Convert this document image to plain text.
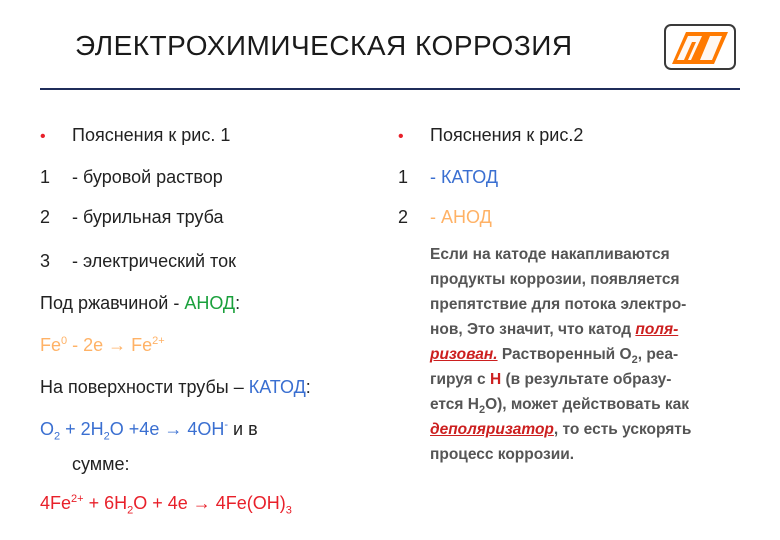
ЭЛЕКТРОХИМИЧЕСКАЯ КОРРОЗИЯ
• Пояснения к рис. 1
1 - буровой раствор
2 - бурильная труба
3 - электрический ток
Под ржавчиной - АНОД:
$Fe^0 - 2e \to Fe^{2+}$
На поверхности трубы – КАТОД:
$O_2 + 2H_2O +4e \to 4OH^-$ и в
сумме:
$4Fe^{2+} + 6H_2O + 4e \to 4Fe(OH)_3$
• Пояснения к рис.2
1 - КАТОД
2 - АНОД
Если на катоде накапливаются
продукты коррозии, появляется
препятствие для потока электро-
нов, Это значит, что катод поля-
ризован. Растворенный $О_2$, реа-
гируя с Н (в результате образу-
ется $Н_2О$), может действовать как
деполяризатор, то есть ускорять
процесс коррозии.
